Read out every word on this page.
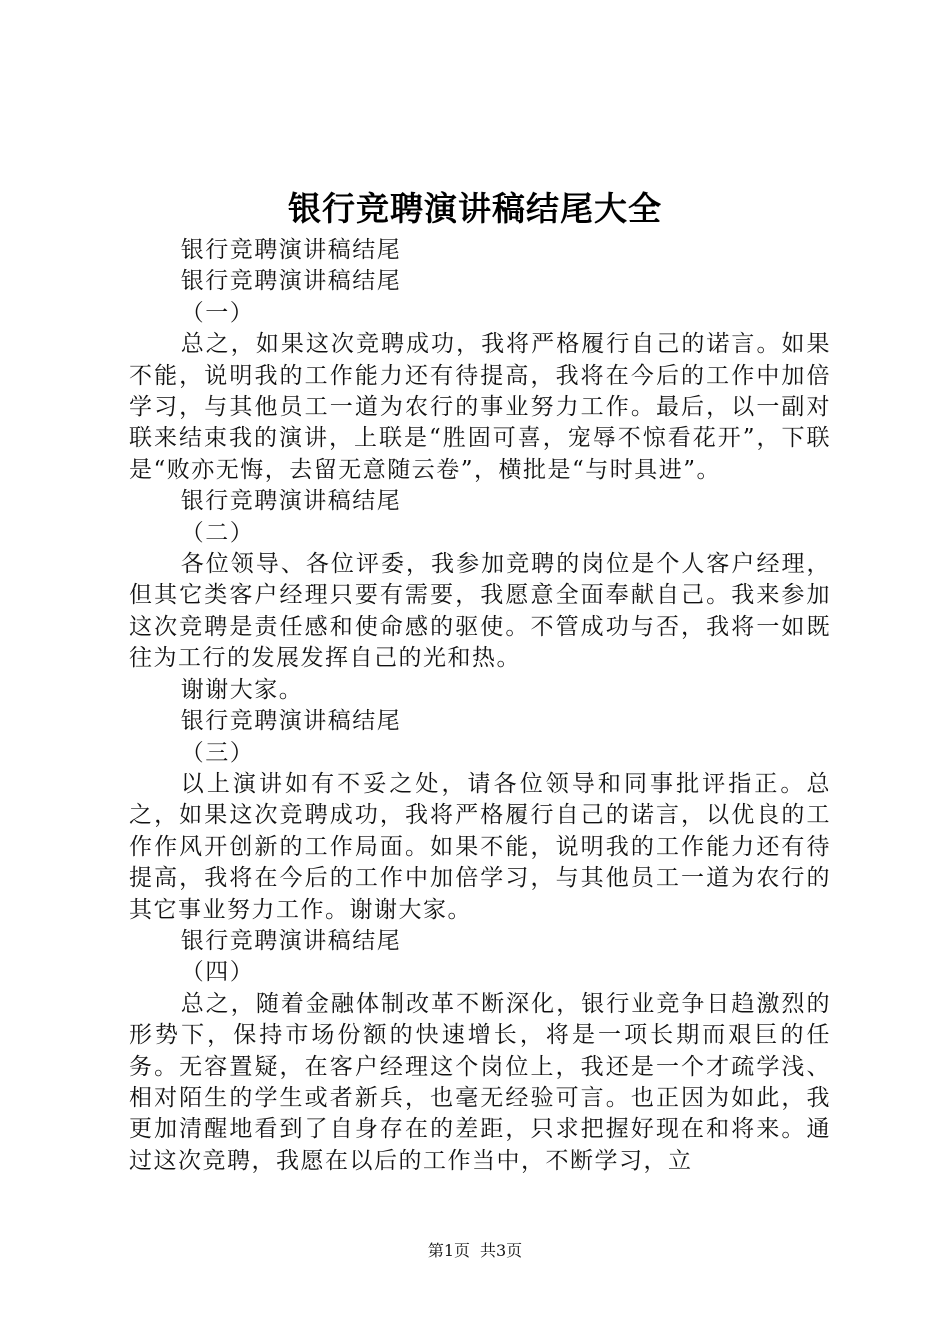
银行竞聘演讲稿结尾大全

银行竞聘演讲稿结尾

银行竞聘演讲稿结尾

（一）

总之，如果这次竞聘成功，我将严格履行自己的诺言。如果不能，说明我的工作能力还有待提高，我将在今后的工作中加倍学习，与其他员工一道为农行的事业努力工作。最后，以一副对联来结束我的演讲，上联是“胜固可喜，宠辱不惊看花开”，下联是“败亦无悔，去留无意随云卷”，横批是“与时具进”。

银行竞聘演讲稿结尾

（二）

各位领导、各位评委，我参加竞聘的岗位是个人客户经理，但其它类客户经理只要有需要，我愿意全面奉献自己。我来参加这次竞聘是责任感和使命感的驱使。不管成功与否，我将一如既往为工行的发展发挥自己的光和热。

谢谢大家。

银行竞聘演讲稿结尾

（三）

以上演讲如有不妥之处，请各位领导和同事批评指正。总之，如果这次竞聘成功，我将严格履行自己的诺言，以优良的工作作风开创新的工作局面。如果不能，说明我的工作能力还有待提高，我将在今后的工作中加倍学习，与其他员工一道为农行的其它事业努力工作。谢谢大家。

银行竞聘演讲稿结尾

（四）

总之，随着金融体制改革不断深化，银行业竞争日趋激烈的形势下，保持市场份额的快速增长，将是一项长期而艰巨的任务。无容置疑，在客户经理这个岗位上，我还是一个才疏学浅、相对陌生的学生或者新兵，也毫无经验可言。也正因为如此，我更加清醒地看到了自身存在的差距，只求把握好现在和将来。通过这次竞聘，我愿在以后的工作当中，不断学习，立

第1页 共3页
